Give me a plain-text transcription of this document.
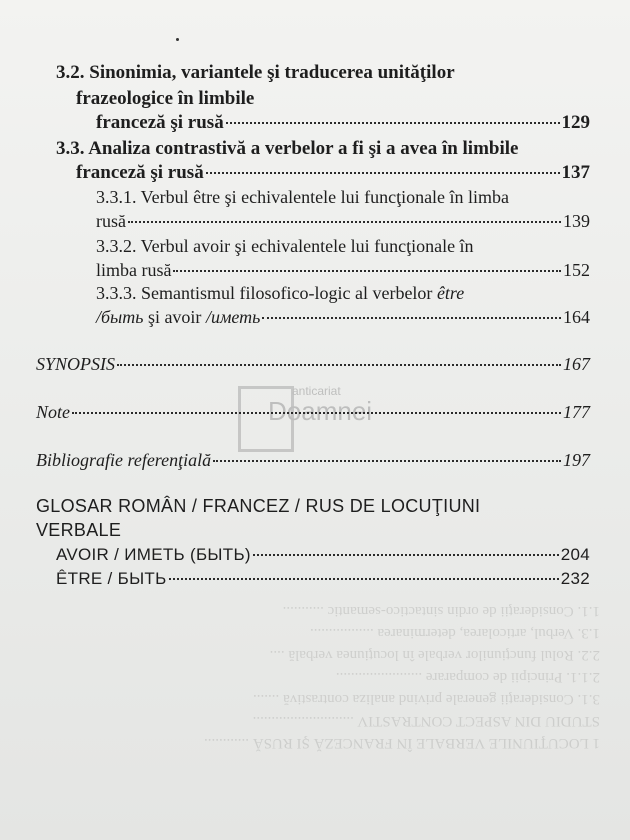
1 LOCUŢIUNILE VERBALE ÎN FRANCEZĂ ŞI RUSĂ ............
STUDIU DIN ASPECT CONTRASTIV ...........................
3.1. Consideraţii generale privind analiza contrastivă .......
2.1.1. Principii de comparare .......................
2.2. Rolul funcţiunilor verbale în locuţiunea verbală ....
1.3. Verbul, articolarea, determinarea .................
1.1. Consideraţii de ordin sintactico-semantic ...........
anticariat
Doamnei
3.2. Sinonimia, variantele şi traducerea unităţilor
frazeologice în limbile
franceză şi rusă	129
3.3. Analiza contrastivă a verbelor a fi şi a avea în limbile
franceză şi rusă	137
3.3.1. Verbul être şi echivalentele lui funcţionale în limba
rusă	139
3.3.2. Verbul avoir şi echivalentele lui funcţionale în
limba rusă	152
3.3.3. Semantismul filosofico-logic al verbelor être
/быть şi avoir /иметь	164
SYNOPSIS	167
Note	177
Bibliografie referenţială	197
GLOSAR ROMÂN / FRANCEZ / RUS DE LOCUŢIUNI
VERBALE
AVOIR / ИМЕТЬ (БЫТЬ)	204
ÊTRE / БЫТЬ	232
